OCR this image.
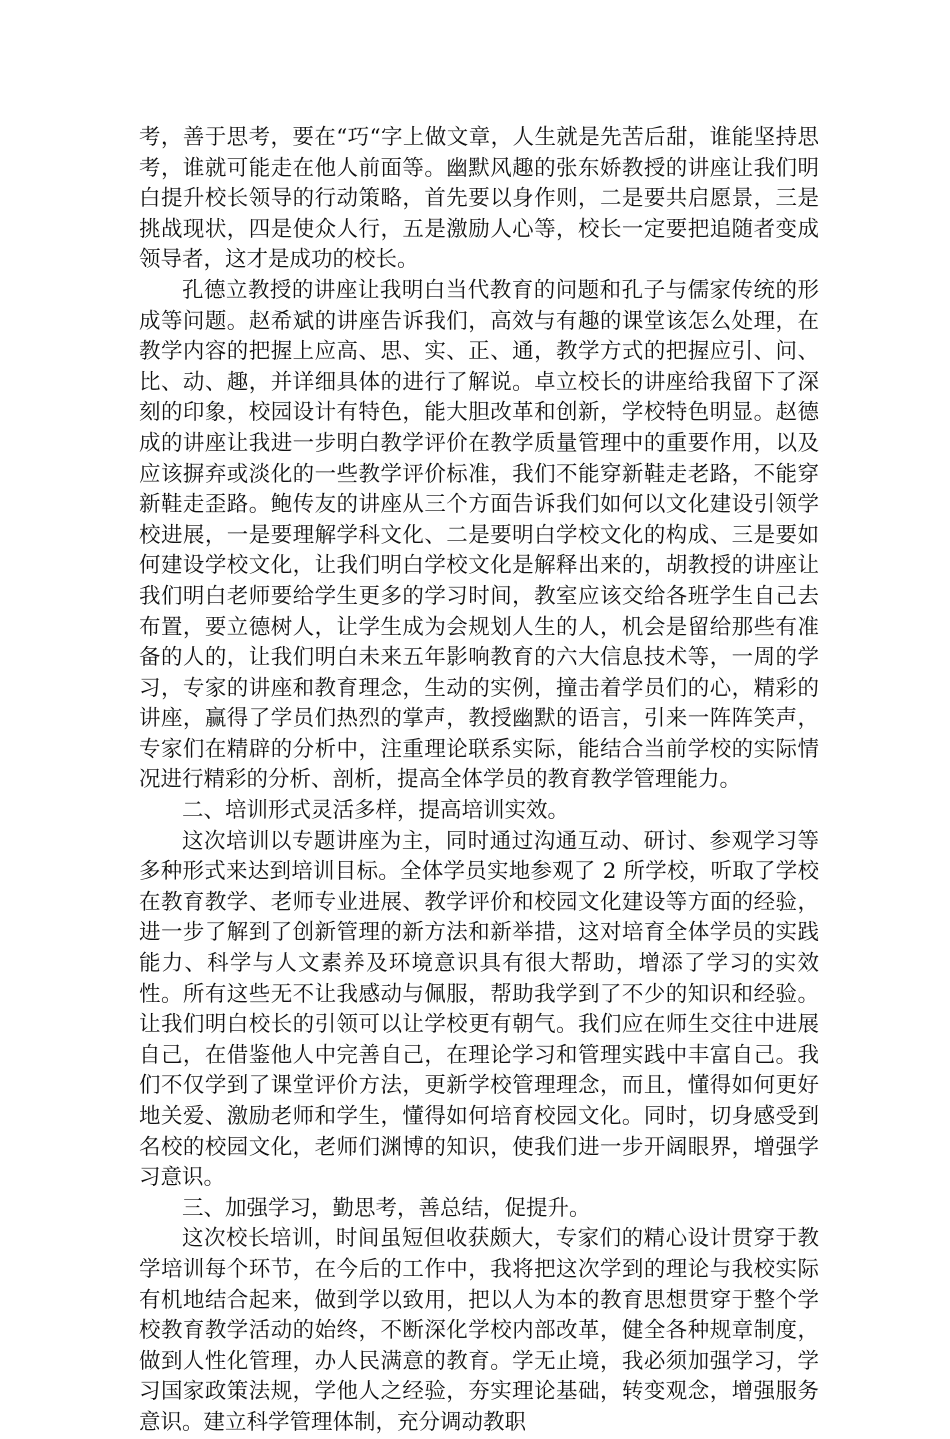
考，善于思考，要在“巧“字上做文章，人生就是先苦后甜，谁能坚持思考，谁就可能走在他人前面等。幽默风趣的张东娇教授的讲座让我们明白提升校长领导的行动策略，首先要以身作则，二是要共启愿景，三是挑战现状，四是使众人行，五是激励人心等，校长一定要把追随者变成领导者，这才是成功的校长。

孔德立教授的讲座让我明白当代教育的问题和孔子与儒家传统的形成等问题。赵希斌的讲座告诉我们，高效与有趣的课堂该怎么处理，在教学内容的把握上应高、思、实、正、通，教学方式的把握应引、问、比、动、趣，并详细具体的进行了解说。卓立校长的讲座给我留下了深刻的印象，校园设计有特色，能大胆改革和创新，学校特色明显。赵德成的讲座让我进一步明白教学评价在教学质量管理中的重要作用，以及应该摒弃或淡化的一些教学评价标准，我们不能穿新鞋走老路，不能穿新鞋走歪路。鲍传友的讲座从三个方面告诉我们如何以文化建设引领学校进展，一是要理解学科文化、二是要明白学校文化的构成、三是要如何建设学校文化，让我们明白学校文化是解释出来的，胡教授的讲座让我们明白老师要给学生更多的学习时间，教室应该交给各班学生自己去布置，要立德树人，让学生成为会规划人生的人，机会是留给那些有准备的人的，让我们明白未来五年影响教育的六大信息技术等，一周的学习，专家的讲座和教育理念，生动的实例，撞击着学员们的心，精彩的讲座，赢得了学员们热烈的掌声，教授幽默的语言，引来一阵阵笑声，专家们在精辟的分析中，注重理论联系实际，能结合当前学校的实际情况进行精彩的分析、剖析，提高全体学员的教育教学管理能力。

二、培训形式灵活多样，提高培训实效。

这次培训以专题讲座为主，同时通过沟通互动、研讨、参观学习等多种形式来达到培训目标。全体学员实地参观了 2 所学校，听取了学校在教育教学、老师专业进展、教学评价和校园文化建设等方面的经验，进一步了解到了创新管理的新方法和新举措，这对培育全体学员的实践能力、科学与人文素养及环境意识具有很大帮助，增添了学习的实效性。所有这些无不让我感动与佩服，帮助我学到了不少的知识和经验。让我们明白校长的引领可以让学校更有朝气。我们应在师生交往中进展自己，在借鉴他人中完善自己，在理论学习和管理实践中丰富自己。我们不仅学到了课堂评价方法，更新学校管理理念，而且，懂得如何更好地关爱、激励老师和学生，懂得如何培育校园文化。同时，切身感受到名校的校园文化，老师们渊博的知识，使我们进一步开阔眼界，增强学习意识。

三、加强学习，勤思考，善总结，促提升。

这次校长培训，时间虽短但收获颇大，专家们的精心设计贯穿于教学培训每个环节，在今后的工作中，我将把这次学到的理论与我校实际有机地结合起来，做到学以致用，把以人为本的教育思想贯穿于整个学校教育教学活动的始终，不断深化学校内部改革，健全各种规章制度，做到人性化管理，办人民满意的教育。学无止境，我必须加强学习，学习国家政策法规，学他人之经验，夯实理论基础，转变观念，增强服务意识。建立科学管理体制，充分调动教职
